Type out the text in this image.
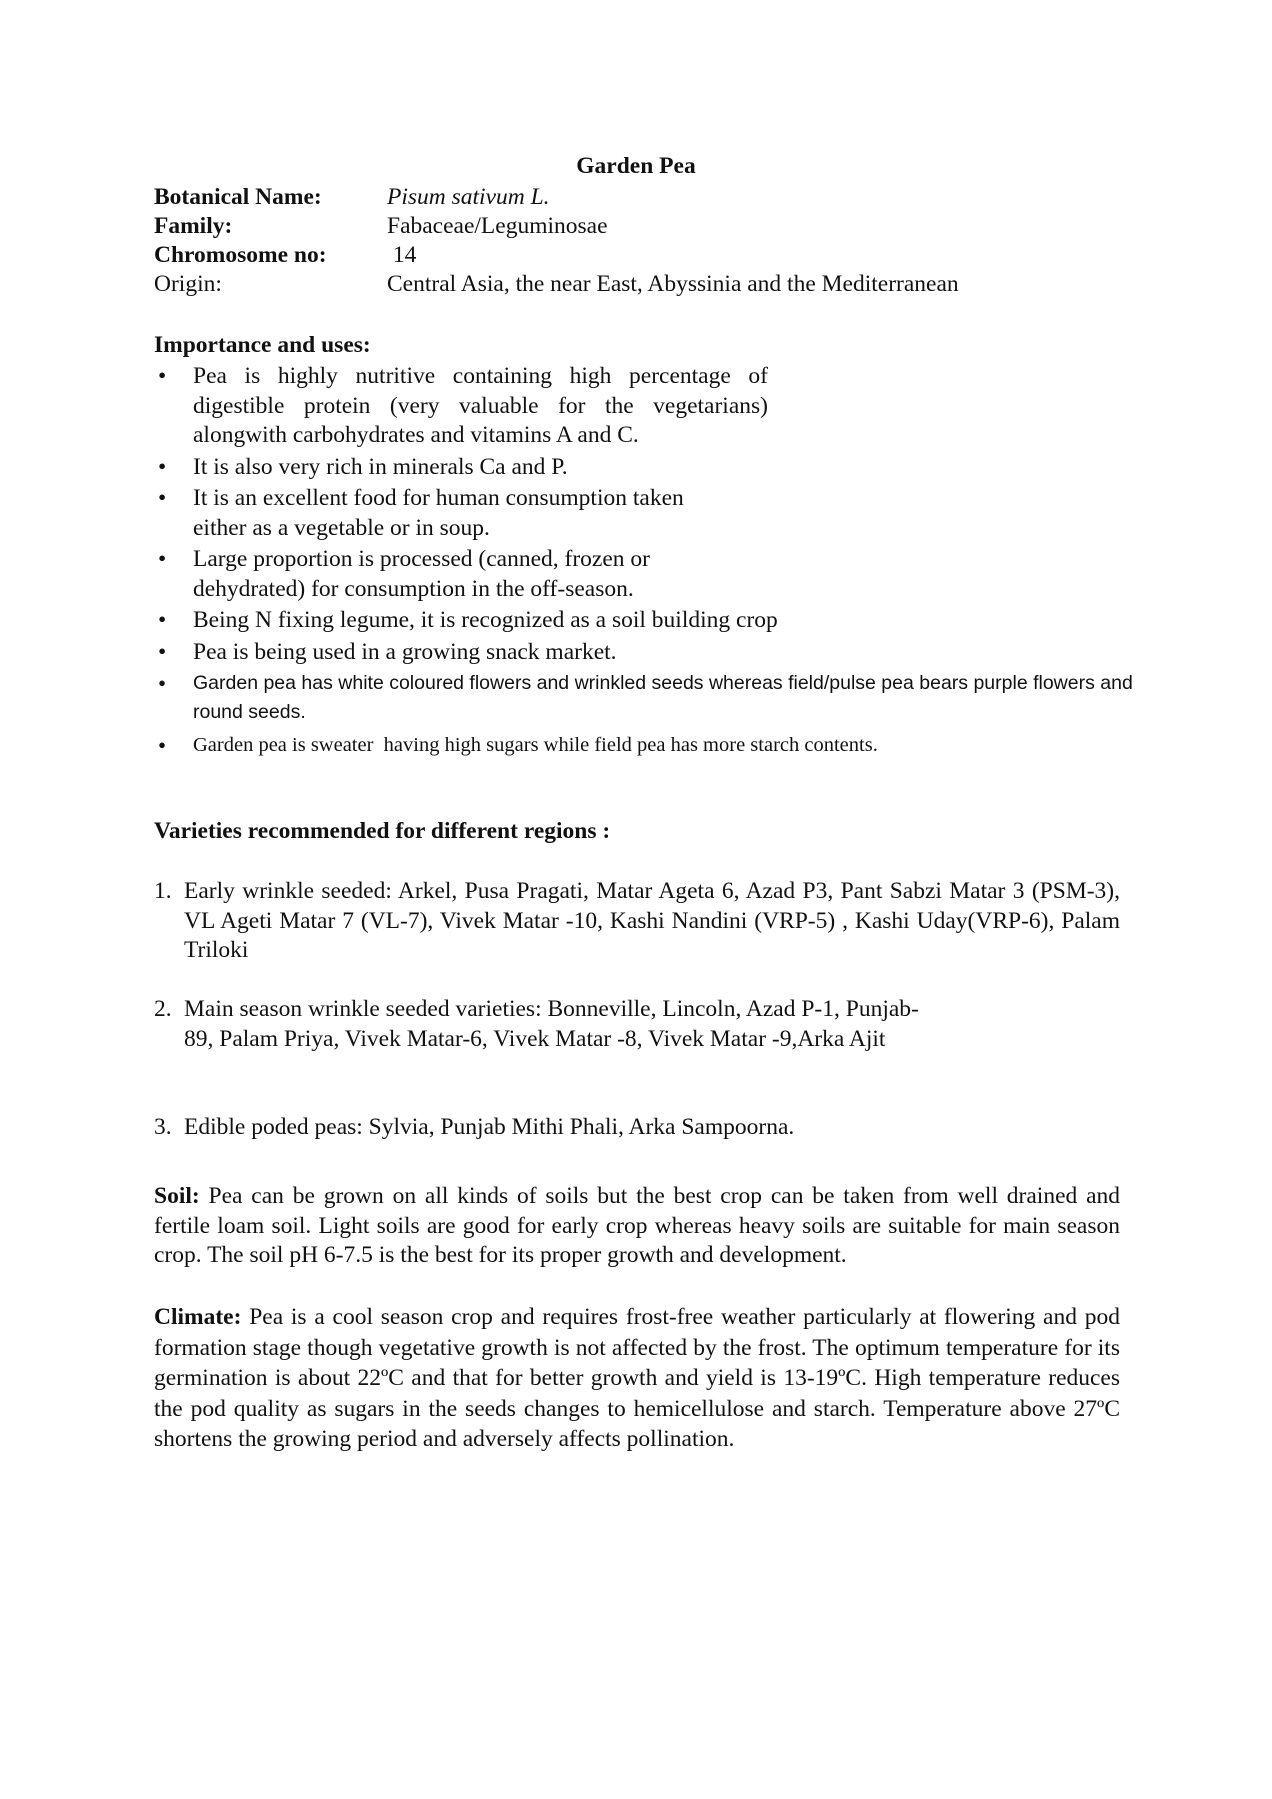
Garden Pea
Botanical Name:	Pisum sativum L.
Family:	Fabaceae/Leguminosae
Chromosome no:	14
Origin:	Central Asia, the near East, Abyssinia and the Mediterranean
Importance and uses:
• Pea is highly nutritive containing high percentage of digestible protein (very valuable for the vegetarians) alongwith carbohydrates and vitamins A and C.
• It is also very rich in minerals Ca and P.
• It is an excellent food for human consumption taken either as a vegetable or in soup.
• Large proportion is processed (canned, frozen or dehydrated) for consumption in the off-season.
• Being N fixing legume, it is recognized as a soil building crop
• Pea is being used in a growing snack market.
• Garden pea has white coloured flowers and wrinkled seeds whereas field/pulse pea bears purple flowers and round seeds.
• Garden pea is sweater  having high sugars while field pea has more starch contents.
Varieties recommended for different regions :
1. Early wrinkle seeded: Arkel, Pusa Pragati, Matar Ageta 6, Azad P3, Pant Sabzi Matar 3 (PSM-3), VL Ageti Matar 7 (VL-7), Vivek Matar -10, Kashi Nandini (VRP-5) , Kashi Uday(VRP-6), Palam Triloki
2. Main season wrinkle seeded varieties: Bonneville, Lincoln, Azad P-1, Punjab-89, Palam Priya, Vivek Matar-6, Vivek Matar -8, Vivek Matar -9,Arka Ajit
3. Edible poded peas: Sylvia, Punjab Mithi Phali, Arka Sampoorna.
Soil: Pea can be grown on all kinds of soils but the best crop can be taken from well drained and fertile loam soil. Light soils are good for early crop whereas heavy soils are suitable for main season crop. The soil pH 6-7.5 is the best for its proper growth and development.
Climate: Pea is a cool season crop and requires frost-free weather particularly at flowering and pod formation stage though vegetative growth is not affected by the frost. The optimum temperature for its germination is about 22ºC and that for better growth and yield is 13-19ºC. High temperature reduces the pod quality as sugars in the seeds changes to hemicellulose and starch. Temperature above 27ºC shortens the growing period and adversely affects pollination.
